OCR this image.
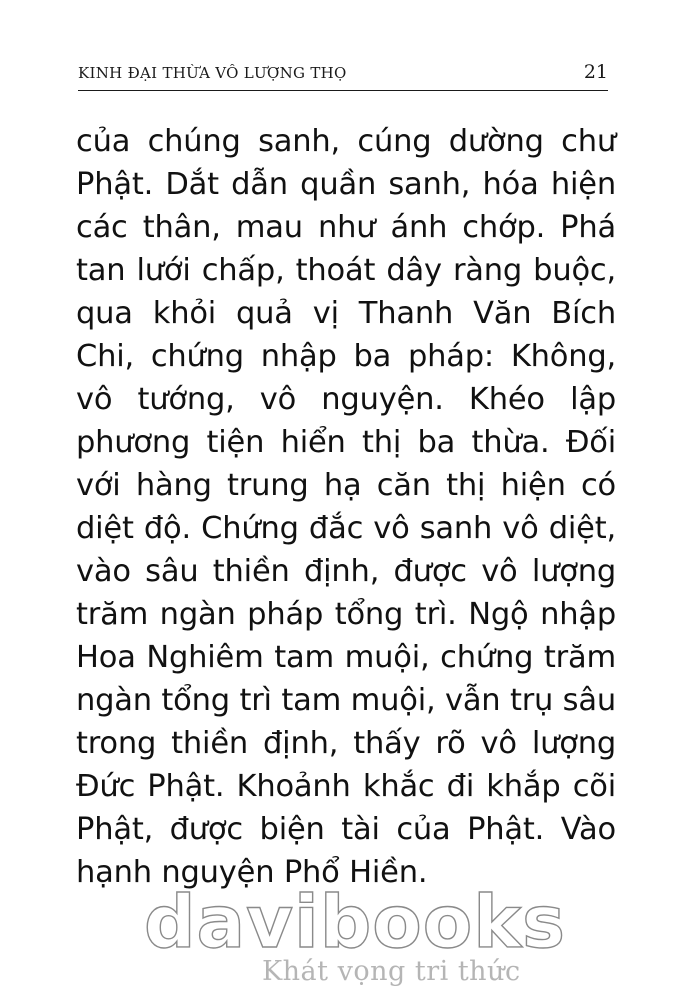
KINH ĐẠI THỪA VÔ LƯỢNG THỌ	21
của chúng sanh, cúng dường chư
Phật. Dắt dẫn quần sanh, hóa hiện
các thân, mau như ánh chớp. Phá
tan lưới chấp, thoát dây ràng buộc,
qua khỏi quả vị Thanh Văn Bích
Chi, chứng nhập ba pháp: Không,
vô tướng, vô nguyện. Khéo lập
phương tiện hiển thị ba thừa. Đối
với hàng trung hạ căn thị hiện có
diệt độ. Chứng đắc vô sanh vô diệt,
vào sâu thiền định, được vô lượng
trăm ngàn pháp tổng trì. Ngộ nhập
Hoa Nghiêm tam muội, chứng trăm
ngàn tổng trì tam muội, vẫn trụ sâu
trong thiền định, thấy rõ vô lượng
Đức Phật. Khoảnh khắc đi khắp cõi
Phật, được biện tài của Phật. Vào
hạnh nguyện Phổ Hiền.
davibooks
Khát vọng tri thức
